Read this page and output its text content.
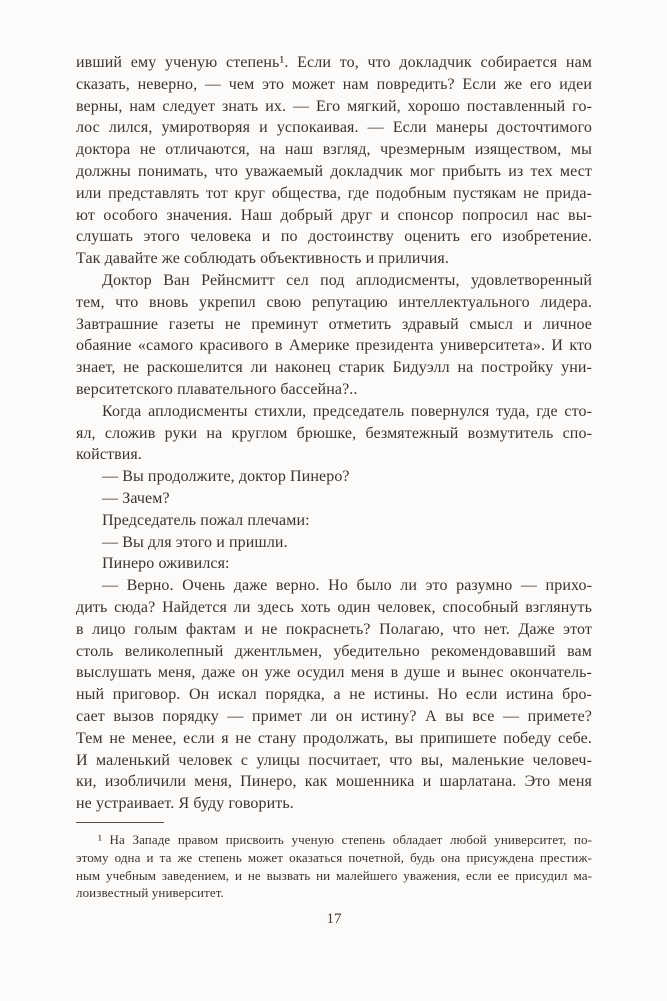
ивший ему ученую степень¹. Если то, что докладчик собирается нам
сказать, неверно, — чем это может нам повредить? Если же его идеи
верны, нам следует знать их. — Его мягкий, хорошо поставленный го-
лос лился, умиротворяя и успокаивая. — Если манеры досточтимого
доктора не отличаются, на наш взгляд, чрезмерным изяществом, мы
должны понимать, что уважаемый докладчик мог прибыть из тех мест
или представлять тот круг общества, где подобным пустякам не прида-
ют особого значения. Наш добрый друг и спонсор попросил нас вы-
слушать этого человека и по достоинству оценить его изобретение.
Так давайте же соблюдать объективность и приличия.
Доктор Ван Рейнсмитт сел под аплодисменты, удовлетворенный
тем, что вновь укрепил свою репутацию интеллектуального лидера.
Завтрашние газеты не преминут отметить здравый смысл и личное
обаяние «самого красивого в Америке президента университета». И кто
знает, не раскошелится ли наконец старик Бидуэлл на постройку уни-
верситетского плавательного бассейна?..
Когда аплодисменты стихли, председатель повернулся туда, где сто-
ял, сложив руки на круглом брюшке, безмятежный возмутитель спо-
койствия.
— Вы продолжите, доктор Пинеро?
— Зачем?
Председатель пожал плечами:
— Вы для этого и пришли.
Пинеро оживился:
— Верно. Очень даже верно. Но было ли это разумно — прихо-
дить сюда? Найдется ли здесь хоть один человек, способный взглянуть
в лицо голым фактам и не покраснеть? Полагаю, что нет. Даже этот
столь великолепный джентльмен, убедительно рекомендовавший вам
выслушать меня, даже он уже осудил меня в душе и вынес окончатель-
ный приговор. Он искал порядка, а не истины. Но если истина бро-
сает вызов порядку — примет ли он истину? А вы все — примете?
Тем не менее, если я не стану продолжать, вы припишете победу себе.
И маленький человек с улицы посчитает, что вы, маленькие человеч-
ки, изобличили меня, Пинеро, как мошенника и шарлатана. Это меня
не устраивает. Я буду говорить.
¹ На Западе правом присвоить ученую степень обладает любой университет, по-
этому одна и та же степень может оказаться почетной, будь она присуждена престиж-
ным учебным заведением, и не вызвать ни малейшего уважения, если ее присудил ма-
лоизвестный университет.
17
